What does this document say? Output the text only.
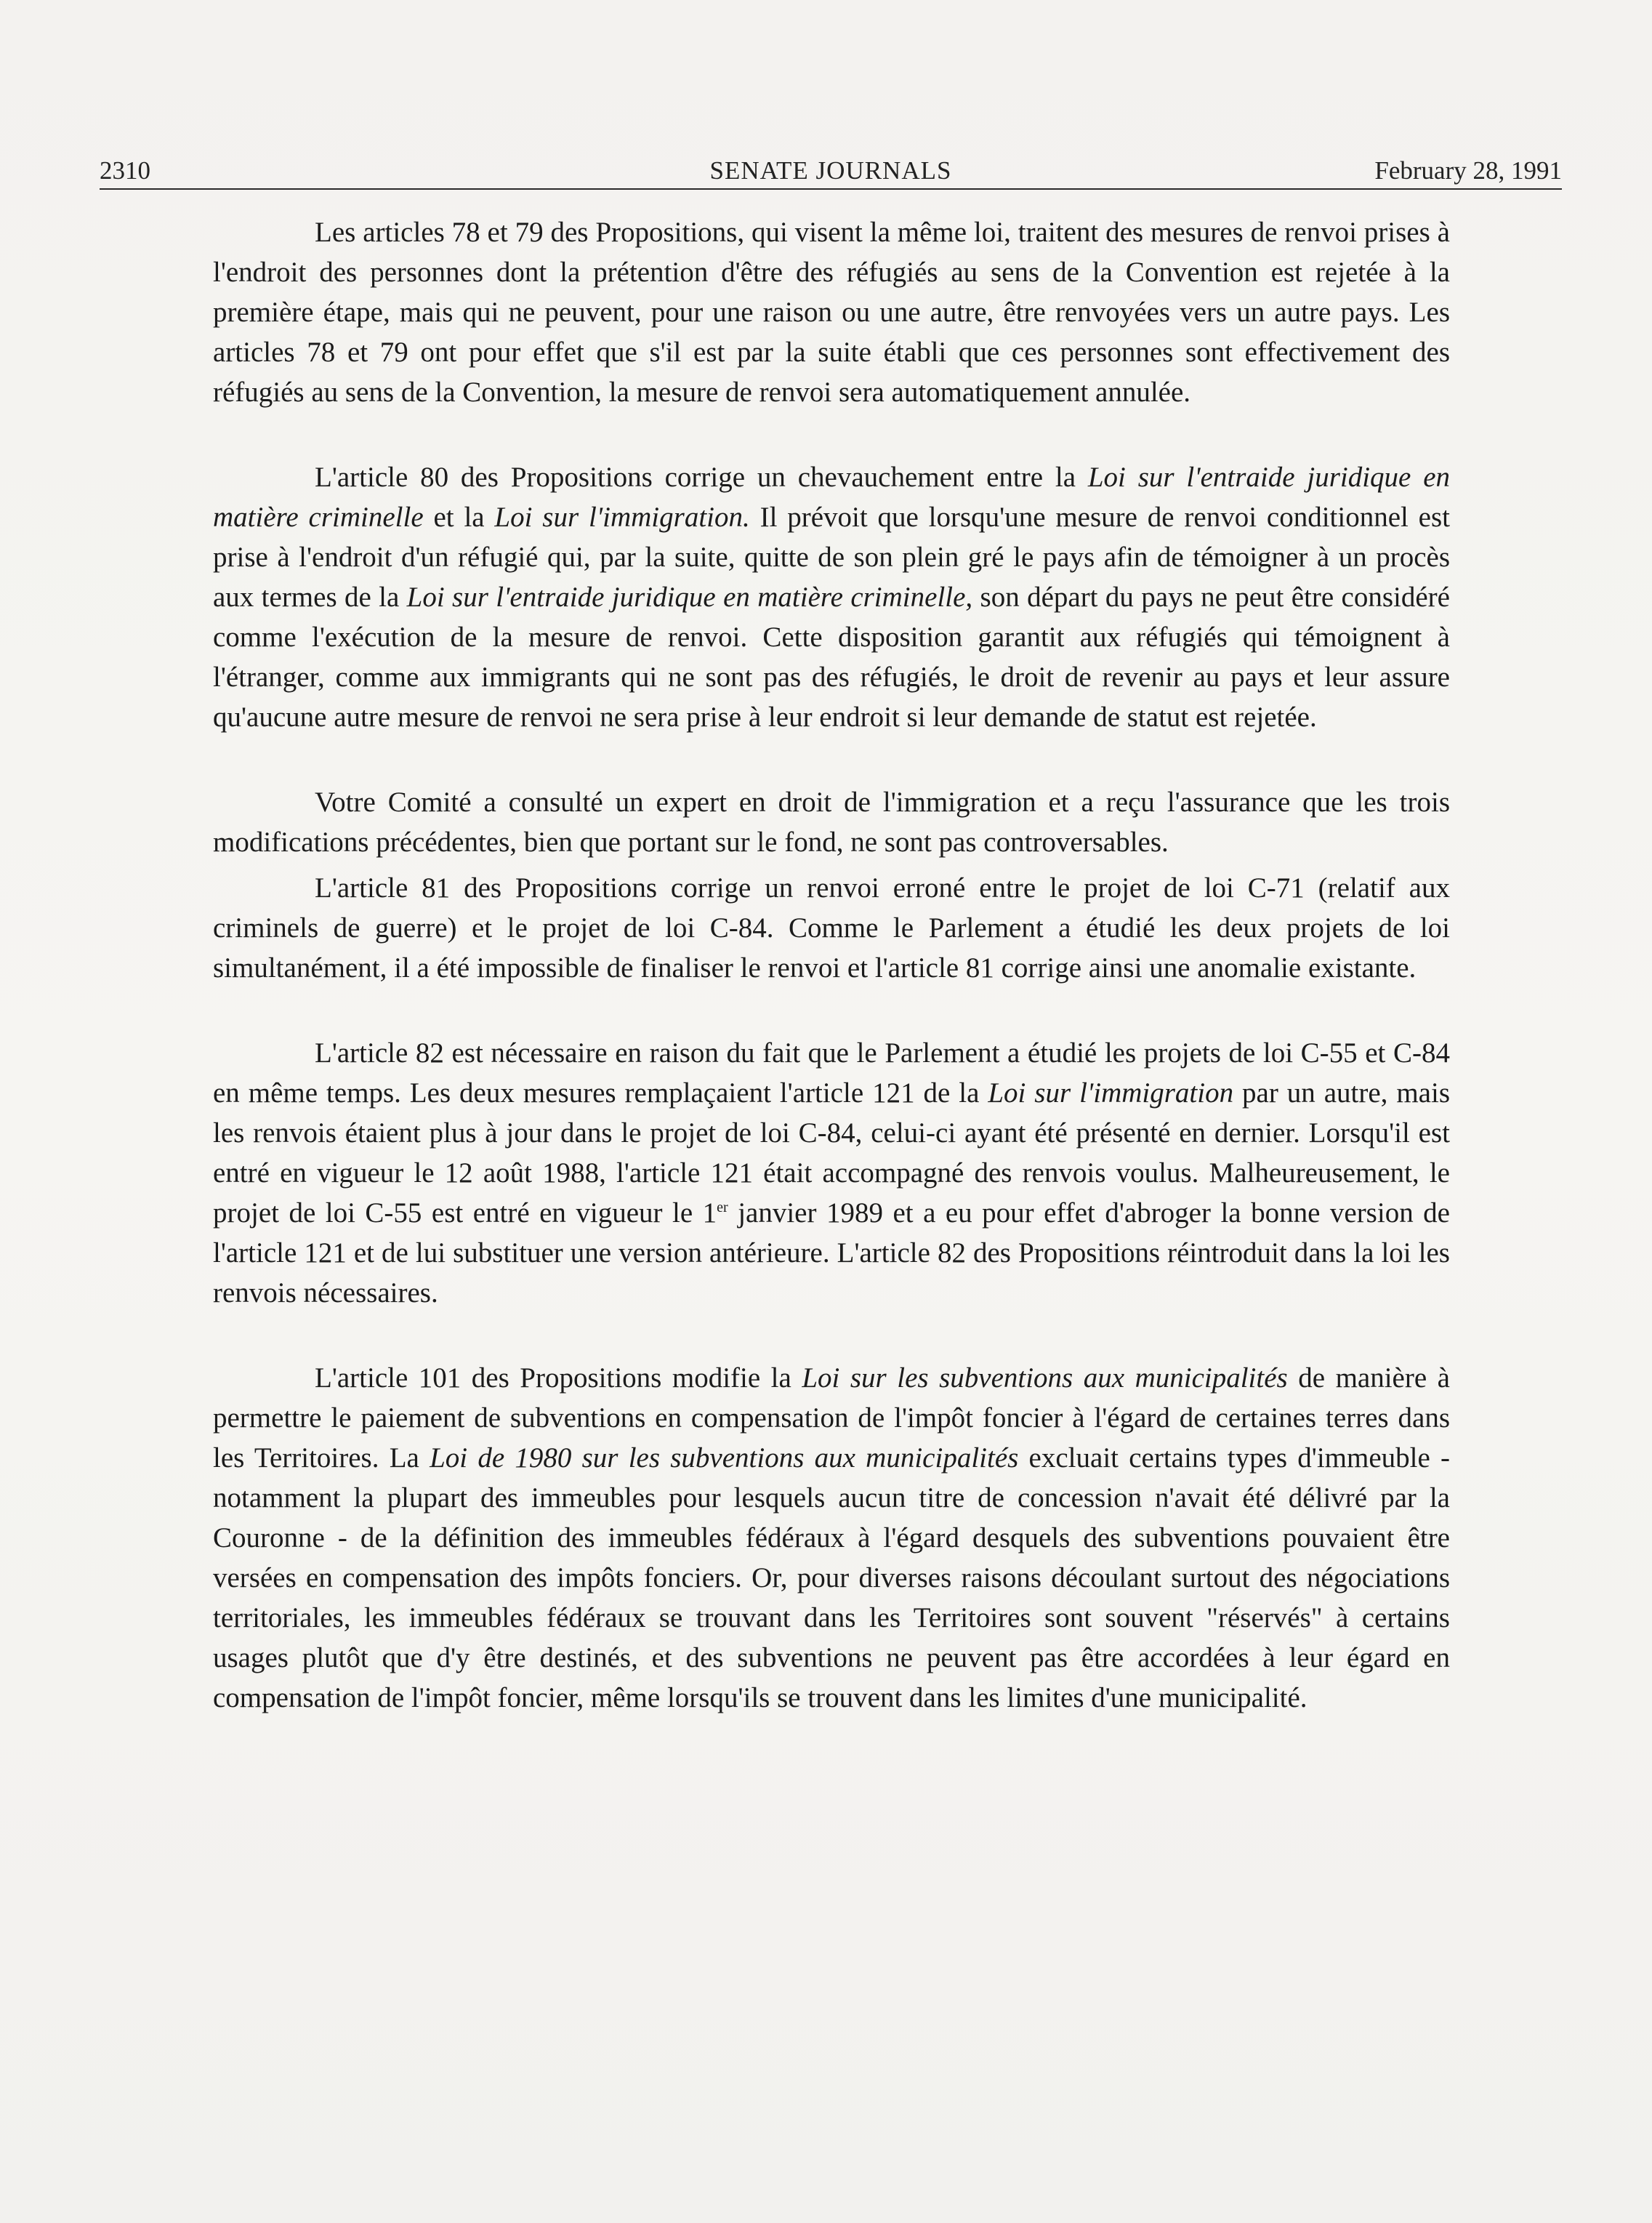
2310	SENATE JOURNALS	February 28, 1991

Les articles 78 et 79 des Propositions, qui visent la même loi, traitent des mesures de renvoi prises à l'endroit des personnes dont la prétention d'être des réfugiés au sens de la Convention est rejetée à la première étape, mais qui ne peuvent, pour une raison ou une autre, être renvoyées vers un autre pays. Les articles 78 et 79 ont pour effet que s'il est par la suite établi que ces personnes sont effectivement des réfugiés au sens de la Convention, la mesure de renvoi sera automatiquement annulée.

L'article 80 des Propositions corrige un chevauchement entre la Loi sur l'entraide juridique en matière criminelle et la Loi sur l'immigration. Il prévoit que lorsqu'une mesure de renvoi conditionnel est prise à l'endroit d'un réfugié qui, par la suite, quitte de son plein gré le pays afin de témoigner à un procès aux termes de la Loi sur l'entraide juridique en matière criminelle, son départ du pays ne peut être considéré comme l'exécution de la mesure de renvoi. Cette disposition garantit aux réfugiés qui témoignent à l'étranger, comme aux immigrants qui ne sont pas des réfugiés, le droit de revenir au pays et leur assure qu'aucune autre mesure de renvoi ne sera prise à leur endroit si leur demande de statut est rejetée.

Votre Comité a consulté un expert en droit de l'immigration et a reçu l'assurance que les trois modifications précédentes, bien que portant sur le fond, ne sont pas controversables.

L'article 81 des Propositions corrige un renvoi erroné entre le projet de loi C-71 (relatif aux criminels de guerre) et le projet de loi C-84. Comme le Parlement a étudié les deux projets de loi simultanément, il a été impossible de finaliser le renvoi et l'article 81 corrige ainsi une anomalie existante.

L'article 82 est nécessaire en raison du fait que le Parlement a étudié les projets de loi C-55 et C-84 en même temps. Les deux mesures remplaçaient l'article 121 de la Loi sur l'immigration par un autre, mais les renvois étaient plus à jour dans le projet de loi C-84, celui-ci ayant été présenté en dernier. Lorsqu'il est entré en vigueur le 12 août 1988, l'article 121 était accompagné des renvois voulus. Malheureusement, le projet de loi C-55 est entré en vigueur le 1er janvier 1989 et a eu pour effet d'abroger la bonne version de l'article 121 et de lui substituer une version antérieure. L'article 82 des Propositions réintroduit dans la loi les renvois nécessaires.

L'article 101 des Propositions modifie la Loi sur les subventions aux municipalités de manière à permettre le paiement de subventions en compensation de l'impôt foncier à l'égard de certaines terres dans les Territoires. La Loi de 1980 sur les subventions aux municipalités excluait certains types d'immeuble - notamment la plupart des immeubles pour lesquels aucun titre de concession n'avait été délivré par la Couronne - de la définition des immeubles fédéraux à l'égard desquels des subventions pouvaient être versées en compensation des impôts fonciers. Or, pour diverses raisons découlant surtout des négociations territoriales, les immeubles fédéraux se trouvant dans les Territoires sont souvent "réservés" à certains usages plutôt que d'y être destinés, et des subventions ne peuvent pas être accordées à leur égard en compensation de l'impôt foncier, même lorsqu'ils se trouvent dans les limites d'une municipalité.
